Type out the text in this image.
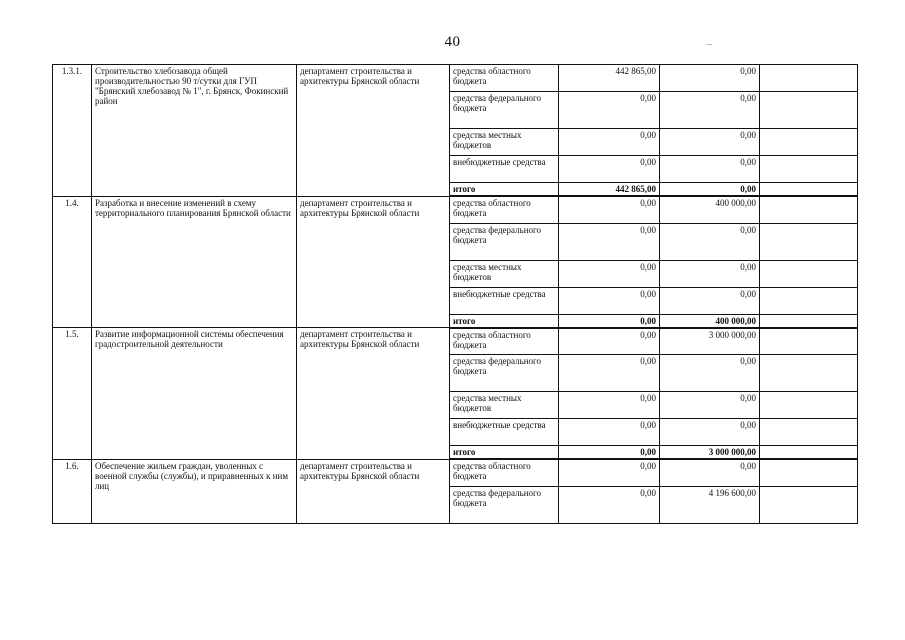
40
1.3.1.	Строительство хлебозавода общей производительностью 90 т/сутки для ГУП "Брянский хлебозавод № 1", г. Брянск, Фокинский район	департамент строительства и архитектуры Брянской области	средства областного бюджета	442 865,00	0,00	
			средства федерального бюджета	0,00	0,00	
			средства местных бюджетов	0,00	0,00	
			внебюджетные средства	0,00	0,00	
			итого	442 865,00	0,00	
1.4.	Разработка и внесение изменений в схему территориального планирования Брянской области	департамент строительства и архитектуры Брянской области	средства областного бюджета	0,00	400 000,00	
			средства федерального бюджета	0,00	0,00	
			средства местных бюджетов	0,00	0,00	
			внебюджетные средства	0,00	0,00	
			итого	0,00	400 000,00	
1.5.	Развитие информационной системы обеспечения градостроительной деятельности	департамент строительства и архитектуры Брянской области	средства областного бюджета	0,00	3 000 000,00	
			средства федерального бюджета	0,00	0,00	
			средства местных бюджетов	0,00	0,00	
			внебюджетные средства	0,00	0,00	
			итого	0,00	3 000 000,00	
1.6.	Обеспечение жильем граждан, уволенных с военной службы (службы), и приравненных к ним лиц	департамент строительства и архитектуры Брянской области	средства областного бюджета	0,00	0,00	
			средства федерального бюджета	0,00	4 196 600,00	
